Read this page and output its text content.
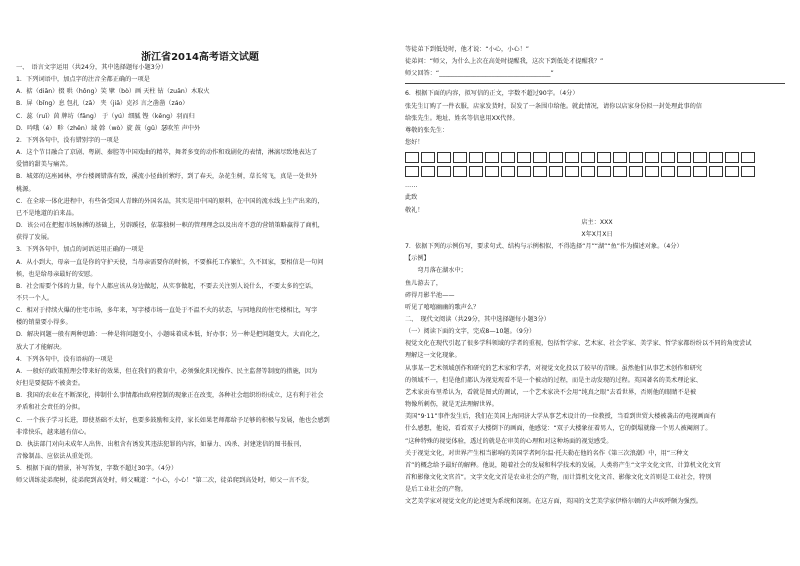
浙江省2014高考语文试题
一、　语言文字运用（共24分，其中选择题每小题3分）
1．下列词语中，加点字的注音全都正确的一项是
A．掂（diān）掇 哄（hǒng）笑 擘（bò）画 天柱 钻（zuān）木取火
B．屏（bǐng）息 包扎（zā） 夹（jiā）克衫 言之凿凿（záo）
C．蕊（ruǐ）茵 牌坊（fāng） 于（yú）细腻 铿（kēng）羽而归
D．吟哦（é） 畛（zhěn）域 斡（wò）旋 鼓（gǔ）瑟吹笙 声中外
2．下列各句中，没有错别字的一项是
A．这个节目融合了京剧、粤剧、秦腔等中国戏曲的精萃，舞者多变的动作和戏剧化的表情，淋漓尽致地表达了
爱情的甜美与痛苦。
B．城郊的这座园林，亭台楼阁错落有致，溪流小径曲折萦纡，到了春天，杂花生树，草长莺飞，真是一处世外
桃源。
C．在全球一体化进程中，有些备受国人青睐的外国名品，其实是用中国的原料，在中国的流水线上生产出来的，
已不是地道的泊来品。
D．该公司在把握市场脉搏的基础上，另辟蹊径，依靠独树一帜的管理理念以及出奇不意的营销策略赢得了商机，
获得了发展。
3．下列各句中，加点的词语运用正确的一项是
A．从小到大，母亲一直是你的守护天使，当母亲需要你的时候，不要推托工作繁忙，久不回家，要相信是一句问
候，也是给母亲最好的安慰。
B．社会需要个体的力量，每个人都应该从身边做起，从实事做起，不要去关注别人说什么，不要太多的空话，
不只一个人。
C．相对于持续火爆的住宅市场，多年来，写字楼市场一直处于不温不火的状态，与同地段的住宅楼相比，写字
楼的销量要小得多。
D．解决问题一般有两种思路：一种是将问题变小，小题味着成本低，好办事；另一种是把问题变大，大而化之，
放大了才能解决。
4．下列各句中，没有语病的一项是
A．一般好的政策照理会带来好的效果，但在我们的教育中，必须强化阳光操作、民主监督等制度的措施，因为
好但是要提防不被贪歪。
B．我国的农业在不断深化，抑制什么事情都由政府控制的现象正在改变，各种社会组织纷纷成立，这有利于社会
矛盾和社会责任的分担。
C．一个孩子学习长进，即使基础不太好，也要多鼓励和支持，家长如果老师都给予足够的积极与发展，他也会感到
非常快乐，越来越有信心。
D．执法部门对向未成年人出售、出租含有诱发其违法犯罪的内容，如暴力、凶杀、封建迷信的图书报刊，
音像制品、应依法从重处罚。
5．根据下面的情景，补写答复，字数不超过30字。（4分）
师父训练徒弟爬树，徒弟爬到高处时，师父喊道：“小心，小心！”第二次，徒弟爬到高处时，师父一言不发，
等徒弟下到低处时，他才说：“小心，小心！”
徒弟问：“师父，为什么上次在高处时提醒我，这次下到低处才提醒我？”
师父回答：“____________________________________”
6．根据下面的内容，拟写信的正文，字数不超过90字。（4分）
张先生订购了一件衣服，店家发货时，误发了一条围巾给他。就此情况，请你以店家身份拟一封处理此事的信
给张先生。地址、姓名等信息用XX代替。
尊敬的张先生：
您好！
……
此致
敬礼！
店主：XXX
X年X月X日
7．依据下列的示例仿写，要求句式、结构与示例相似，不得选择“月”“湖”“鱼”作为描述对象。（4分）
【示例】
　　弯月落在湖水中；
鱼儿游去了，
碎得月影半池——
听见了嘻嘻幽幽的歌声么？
二、　现代文阅读（共29分，其中选择题每小题3分）
（一）阅读下面的文字，完成8—10题。（9分）
视觉文化在现代引起了很多学科领域的学者的重视，包括哲学家、艺术家、社会学家、美学家、哲学家都纷纷以不同的角度尝试
理解这一文化现象。
从事某一艺术领域创作和研究的艺术家和学者，对视觉文化投以了较早的青睐。虽然他们从事艺术创作和研究
的领域不一，但是他们都认为视觉观看不是一个被动的过程，而是主动发现的过程。英国著名的美术理论家、
艺术家贡布里希认为，看就是图式的调试，一个艺术家决不会用“纯真之眼”去看世界，否则他的眼睛不是被
物像所刺伤，就是无法理解世界。
美国“9·11”事件发生后，我们在美国上海同济大学从事艺术设计的一位教授，当看到世贸大楼被袭击的电视画面有
什么感想，他说，看看双子大楼倒下的画面，他感觉：“双子大楼象征着男人，它的倒塌就像一个男人被阉割了。
”这种特殊的视觉体验，透过的就是在审美的心理和对这种场面的视觉感受。
关于视觉文化，对世界产生相当影响的美国学者阿尔温·托夫勒在他的名作《第三次浪潮》中，用“三种文
首”的概念给予最好的解释。他说，随着社会的发展和科学技术的发展，人类将产生“文字文化文官、计算机文化文官
首和影像文化文官首”。文字文化文首是农业社会的产物，而计算机文化文首、影像文化文首则是工业社会，特别
是后工业社会的产物。
文艺美学家对视觉文化的论述更为系统和深刻。在这方面，英国的文艺美学家伊格尔顿的大声疾呼颇为强烈。
